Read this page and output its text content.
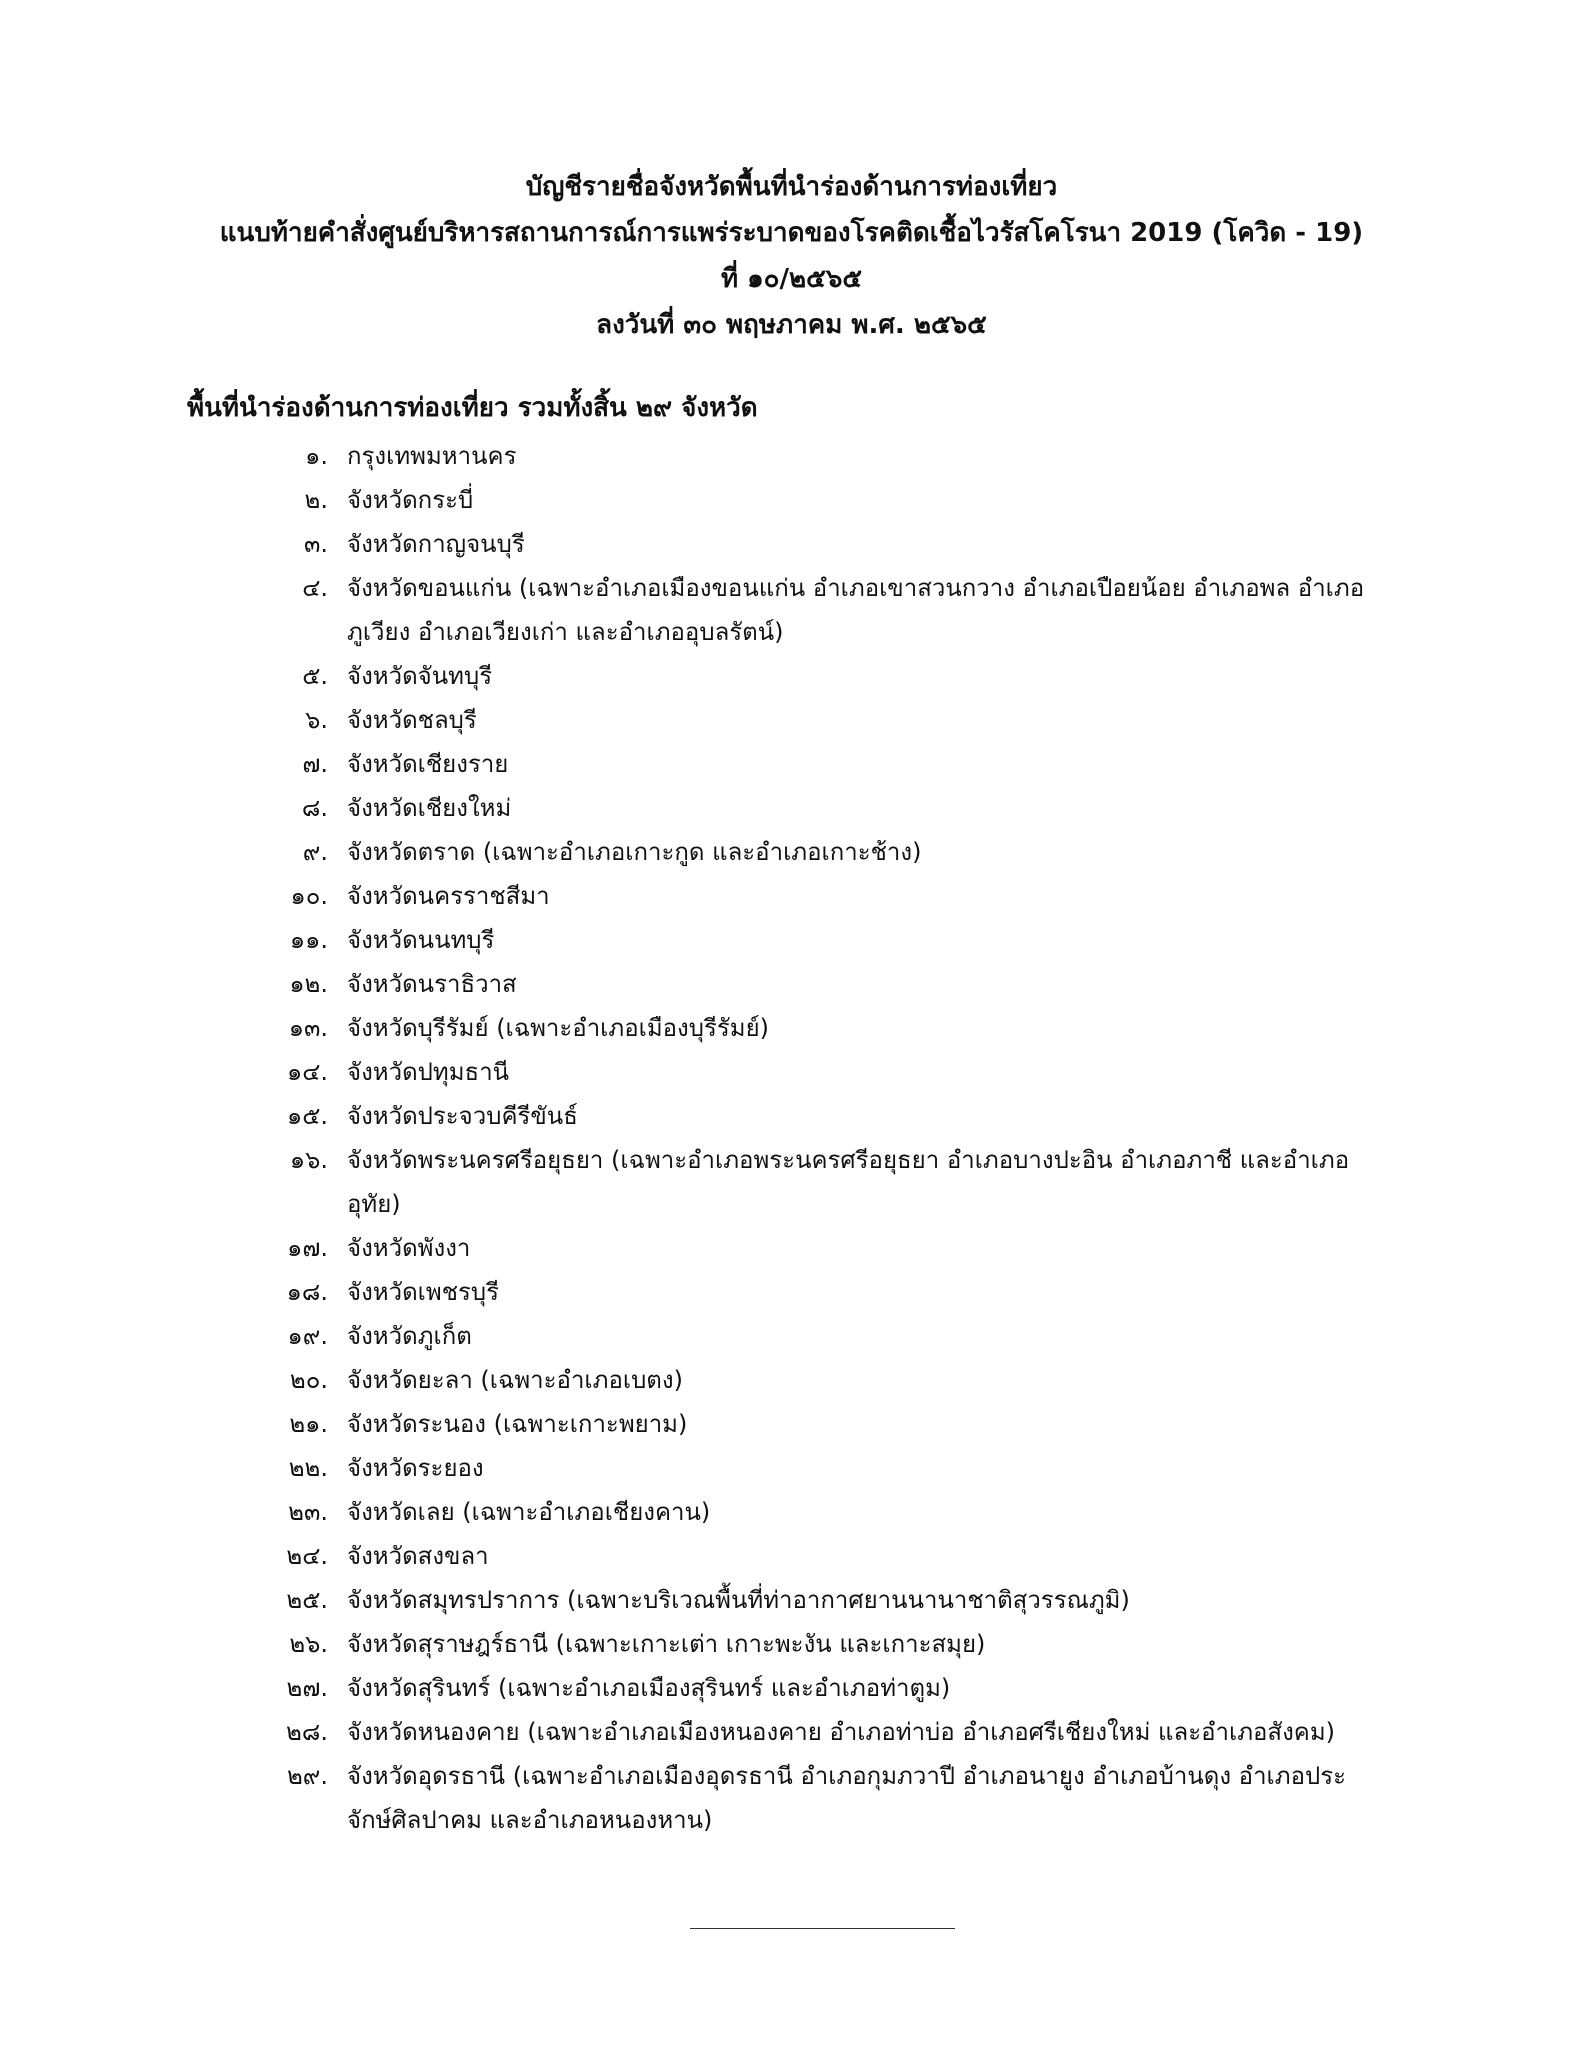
บัญชีรายชื่อจังหวัดพื้นที่นำร่องด้านการท่องเที่ยว
แนบท้ายคำสั่งศูนย์บริหารสถานการณ์การแพร่ระบาดของโรคติดเชื้อไวรัสโคโรนา 2019 (โควิด - 19)
ที่ ๑๐/๒๕๖๕
ลงวันที่ ๓๐ พฤษภาคม พ.ศ. ๒๕๖๕
พื้นที่นำร่องด้านการท่องเที่ยว รวมทั้งสิ้น ๒๙ จังหวัด
๑. กรุงเทพมหานคร
๒. จังหวัดกระบี่
๓. จังหวัดกาญจนบุรี
๔. จังหวัดขอนแก่น (เฉพาะอำเภอเมืองขอนแก่น อำเภอเขาสวนกวาง อำเภอเปือยน้อย อำเภอพล อำเภอภูเวียง อำเภอเวียงเก่า และอำเภออุบลรัตน์)
๕. จังหวัดจันทบุรี
๖. จังหวัดชลบุรี
๗. จังหวัดเชียงราย
๘. จังหวัดเชียงใหม่
๙. จังหวัดตราด (เฉพาะอำเภอเกาะกูด และอำเภอเกาะช้าง)
๑๐. จังหวัดนครราชสีมา
๑๑. จังหวัดนนทบุรี
๑๒. จังหวัดนราธิวาส
๑๓. จังหวัดบุรีรัมย์ (เฉพาะอำเภอเมืองบุรีรัมย์)
๑๔. จังหวัดปทุมธานี
๑๕. จังหวัดประจวบคีรีขันธ์
๑๖. จังหวัดพระนครศรีอยุธยา (เฉพาะอำเภอพระนครศรีอยุธยา อำเภอบางปะอิน อำเภอภาชี และอำเภออุทัย)
๑๗. จังหวัดพังงา
๑๘. จังหวัดเพชรบุรี
๑๙. จังหวัดภูเก็ต
๒๐. จังหวัดยะลา (เฉพาะอำเภอเบตง)
๒๑. จังหวัดระนอง (เฉพาะเกาะพยาม)
๒๒. จังหวัดระยอง
๒๓. จังหวัดเลย (เฉพาะอำเภอเชียงคาน)
๒๔. จังหวัดสงขลา
๒๕. จังหวัดสมุทรปราการ (เฉพาะบริเวณพื้นที่ท่าอากาศยานนานาชาติสุวรรณภูมิ)
๒๖. จังหวัดสุราษฎร์ธานี (เฉพาะเกาะเต่า เกาะพะงัน และเกาะสมุย)
๒๗. จังหวัดสุรินทร์ (เฉพาะอำเภอเมืองสุรินทร์ และอำเภอท่าตูม)
๒๘. จังหวัดหนองคาย (เฉพาะอำเภอเมืองหนองคาย อำเภอท่าบ่อ อำเภอศรีเชียงใหม่ และอำเภอสังคม)
๒๙. จังหวัดอุดรธานี (เฉพาะอำเภอเมืองอุดรธานี อำเภอกุมภวาปี อำเภอนายูง อำเภอบ้านดุง อำเภอประจักษ์ศิลปาคม และอำเภอหนองหาน)
